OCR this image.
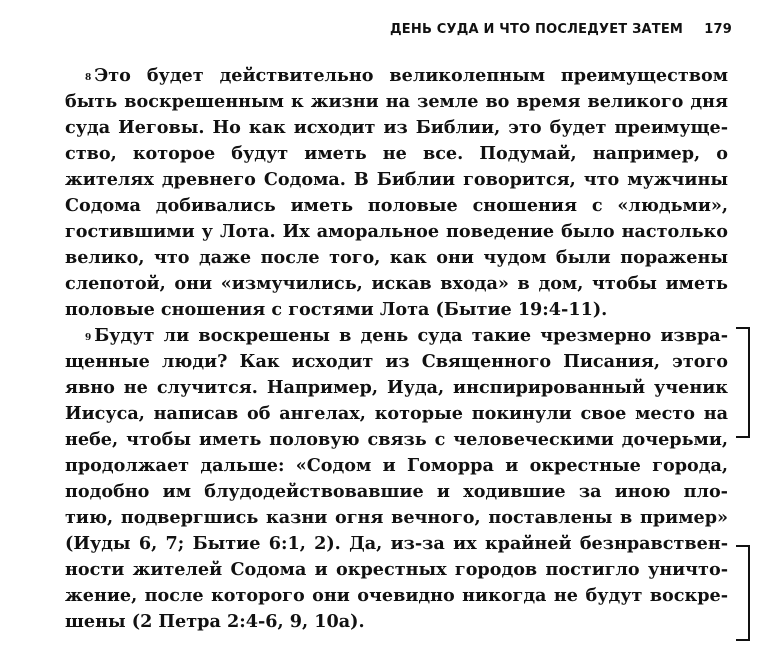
ДЕНЬ СУДА И ЧТО ПОСЛЕДУЕТ ЗАТЕМ 179
$^8$ Это будет действительно великолепным преимуществом
быть воскрешенным к жизни на земле во время великого дня
суда Иеговы. Но как исходит из Библии, это будет преимуще-
ство, которое будут иметь не все. Подумай, например, о
жителях древнего Содома. В Библии говорится, что мужчины
Содома добивались иметь половые сношения с «людьми»,
гостившими у Лота. Их аморальное поведение было настолько
велико, что даже после того, как они чудом были поражены
слепотой, они «измучились, искав входа» в дом, чтобы иметь
половые сношения с гостями Лота (Бытие 19:4-11).
$^9$ Будут ли воскрешены в день суда такие чрезмерно извра-
щенные люди? Как исходит из Священного Писания, этого
явно не случится. Например, Иуда, инспирированный ученик
Иисуса, написав об ангелах, которые покинули свое место на
небе, чтобы иметь половую связь с человеческими дочерьми,
продолжает дальше: «Содом и Гоморра и окрестные города,
подобно им блудодействовавшие и ходившие за иною пло-
тию, подвергшись казни огня вечного, поставлены в пример»
(Иуды 6, 7; Бытие 6:1, 2). Да, из-за их крайней безнравствен-
ности жителей Содома и окрестных городов постигло уничто-
жение, после которого они очевидно никогда не будут воскре-
шены (2 Петра 2:4-6, 9, 10а).
